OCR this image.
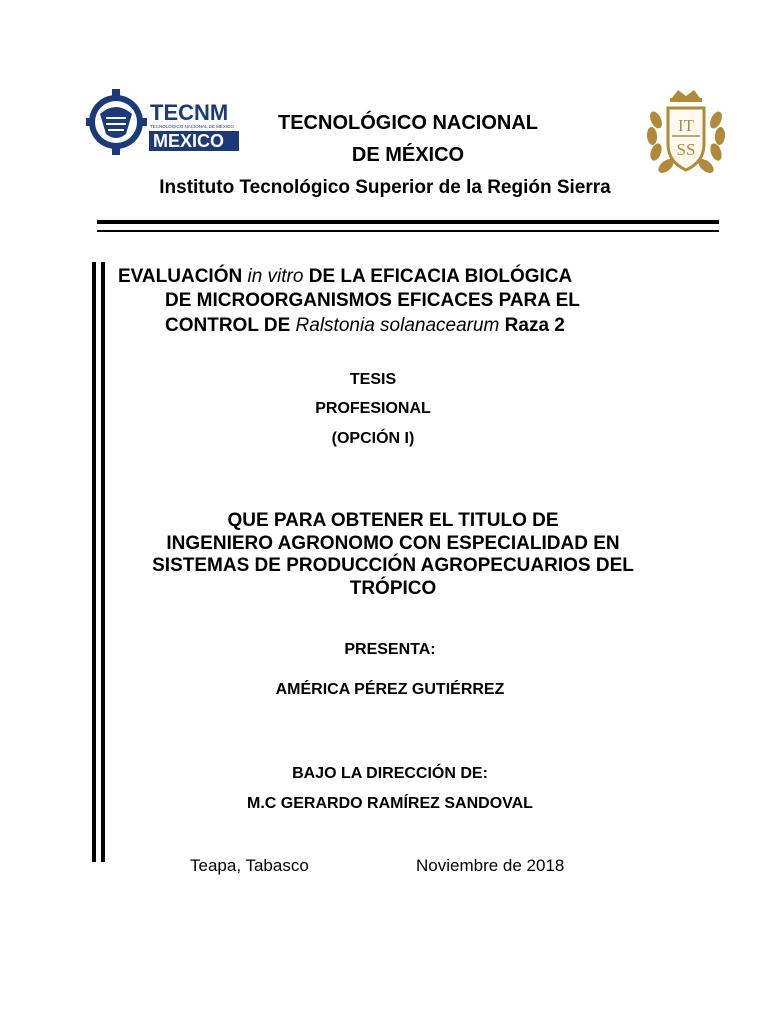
TECNM
TECNOLÓGICO NACIONAL DE MÉXICO
MEXICO
IT
SS
TECNOLÓGICO NACIONAL
DE MÉXICO
Instituto Tecnológico Superior de la Región Sierra
EVALUACIÓN in vitro DE LA EFICACIA BIOLÓGICA
DE MICROORGANISMOS EFICACES PARA EL
CONTROL DE Ralstonia solanacearum Raza 2
TESIS
PROFESIONAL
(OPCIÓN I)
QUE PARA OBTENER EL TITULO DE
INGENIERO AGRONOMO CON ESPECIALIDAD EN
SISTEMAS DE PRODUCCIÓN AGROPECUARIOS DEL
TRÓPICO
PRESENTA:
AMÉRICA PÉREZ GUTIÉRREZ
BAJO LA DIRECCIÓN DE:
M.C GERARDO RAMÍREZ SANDOVAL
Teapa, Tabasco	Noviembre de 2018
